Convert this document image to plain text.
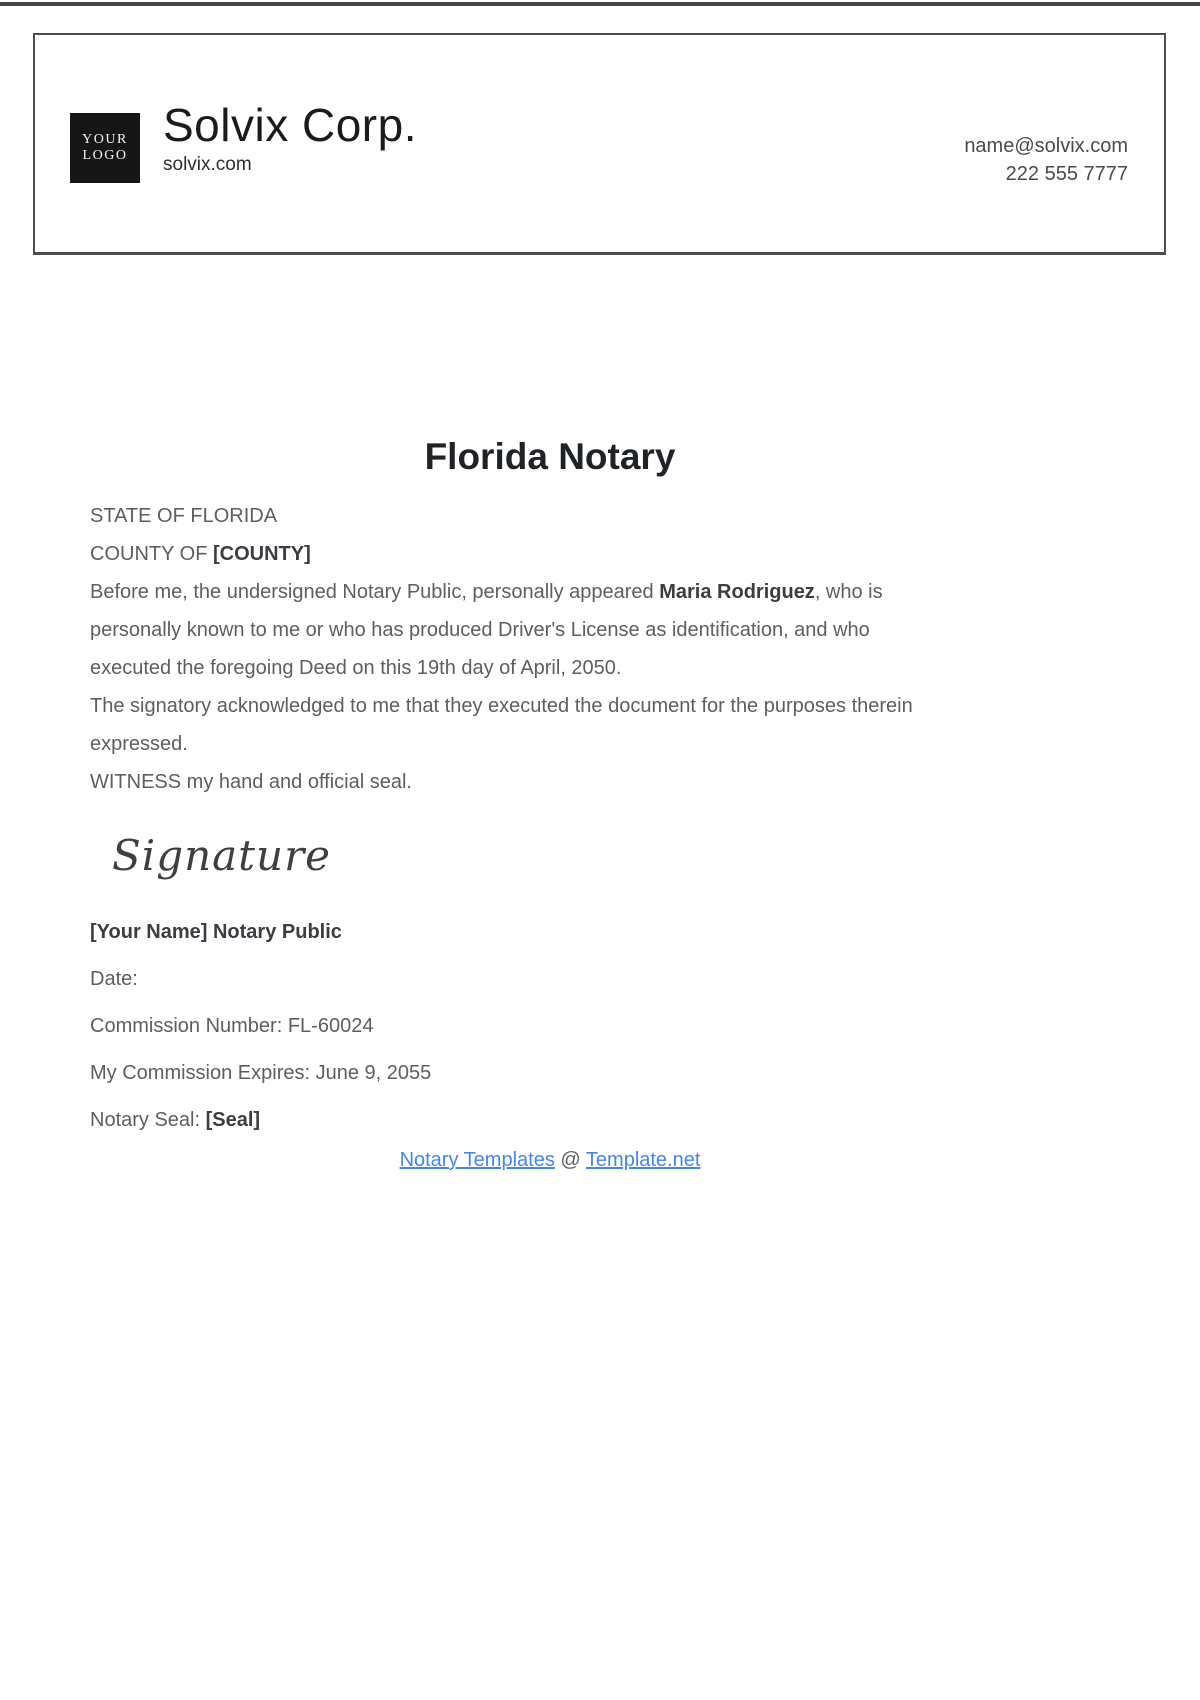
YOUR
LOGO
Solvix Corp.
solvix.com
name@solvix.com
222 555 7777
Florida Notary
STATE OF FLORIDA
COUNTY OF [COUNTY]
Before me, the undersigned Notary Public, personally appeared Maria Rodriguez, who is
personally known to me or who has produced Driver's License as identification, and who
executed the foregoing Deed on this 19th day of April, 2050.
The signatory acknowledged to me that they executed the document for the purposes therein
expressed.
WITNESS my hand and official seal.
Signature
[Your Name] Notary Public
Date:
Commission Number: FL-60024
My Commission Expires: June 9, 2055
Notary Seal: [Seal]
Notary Templates @ Template.net
